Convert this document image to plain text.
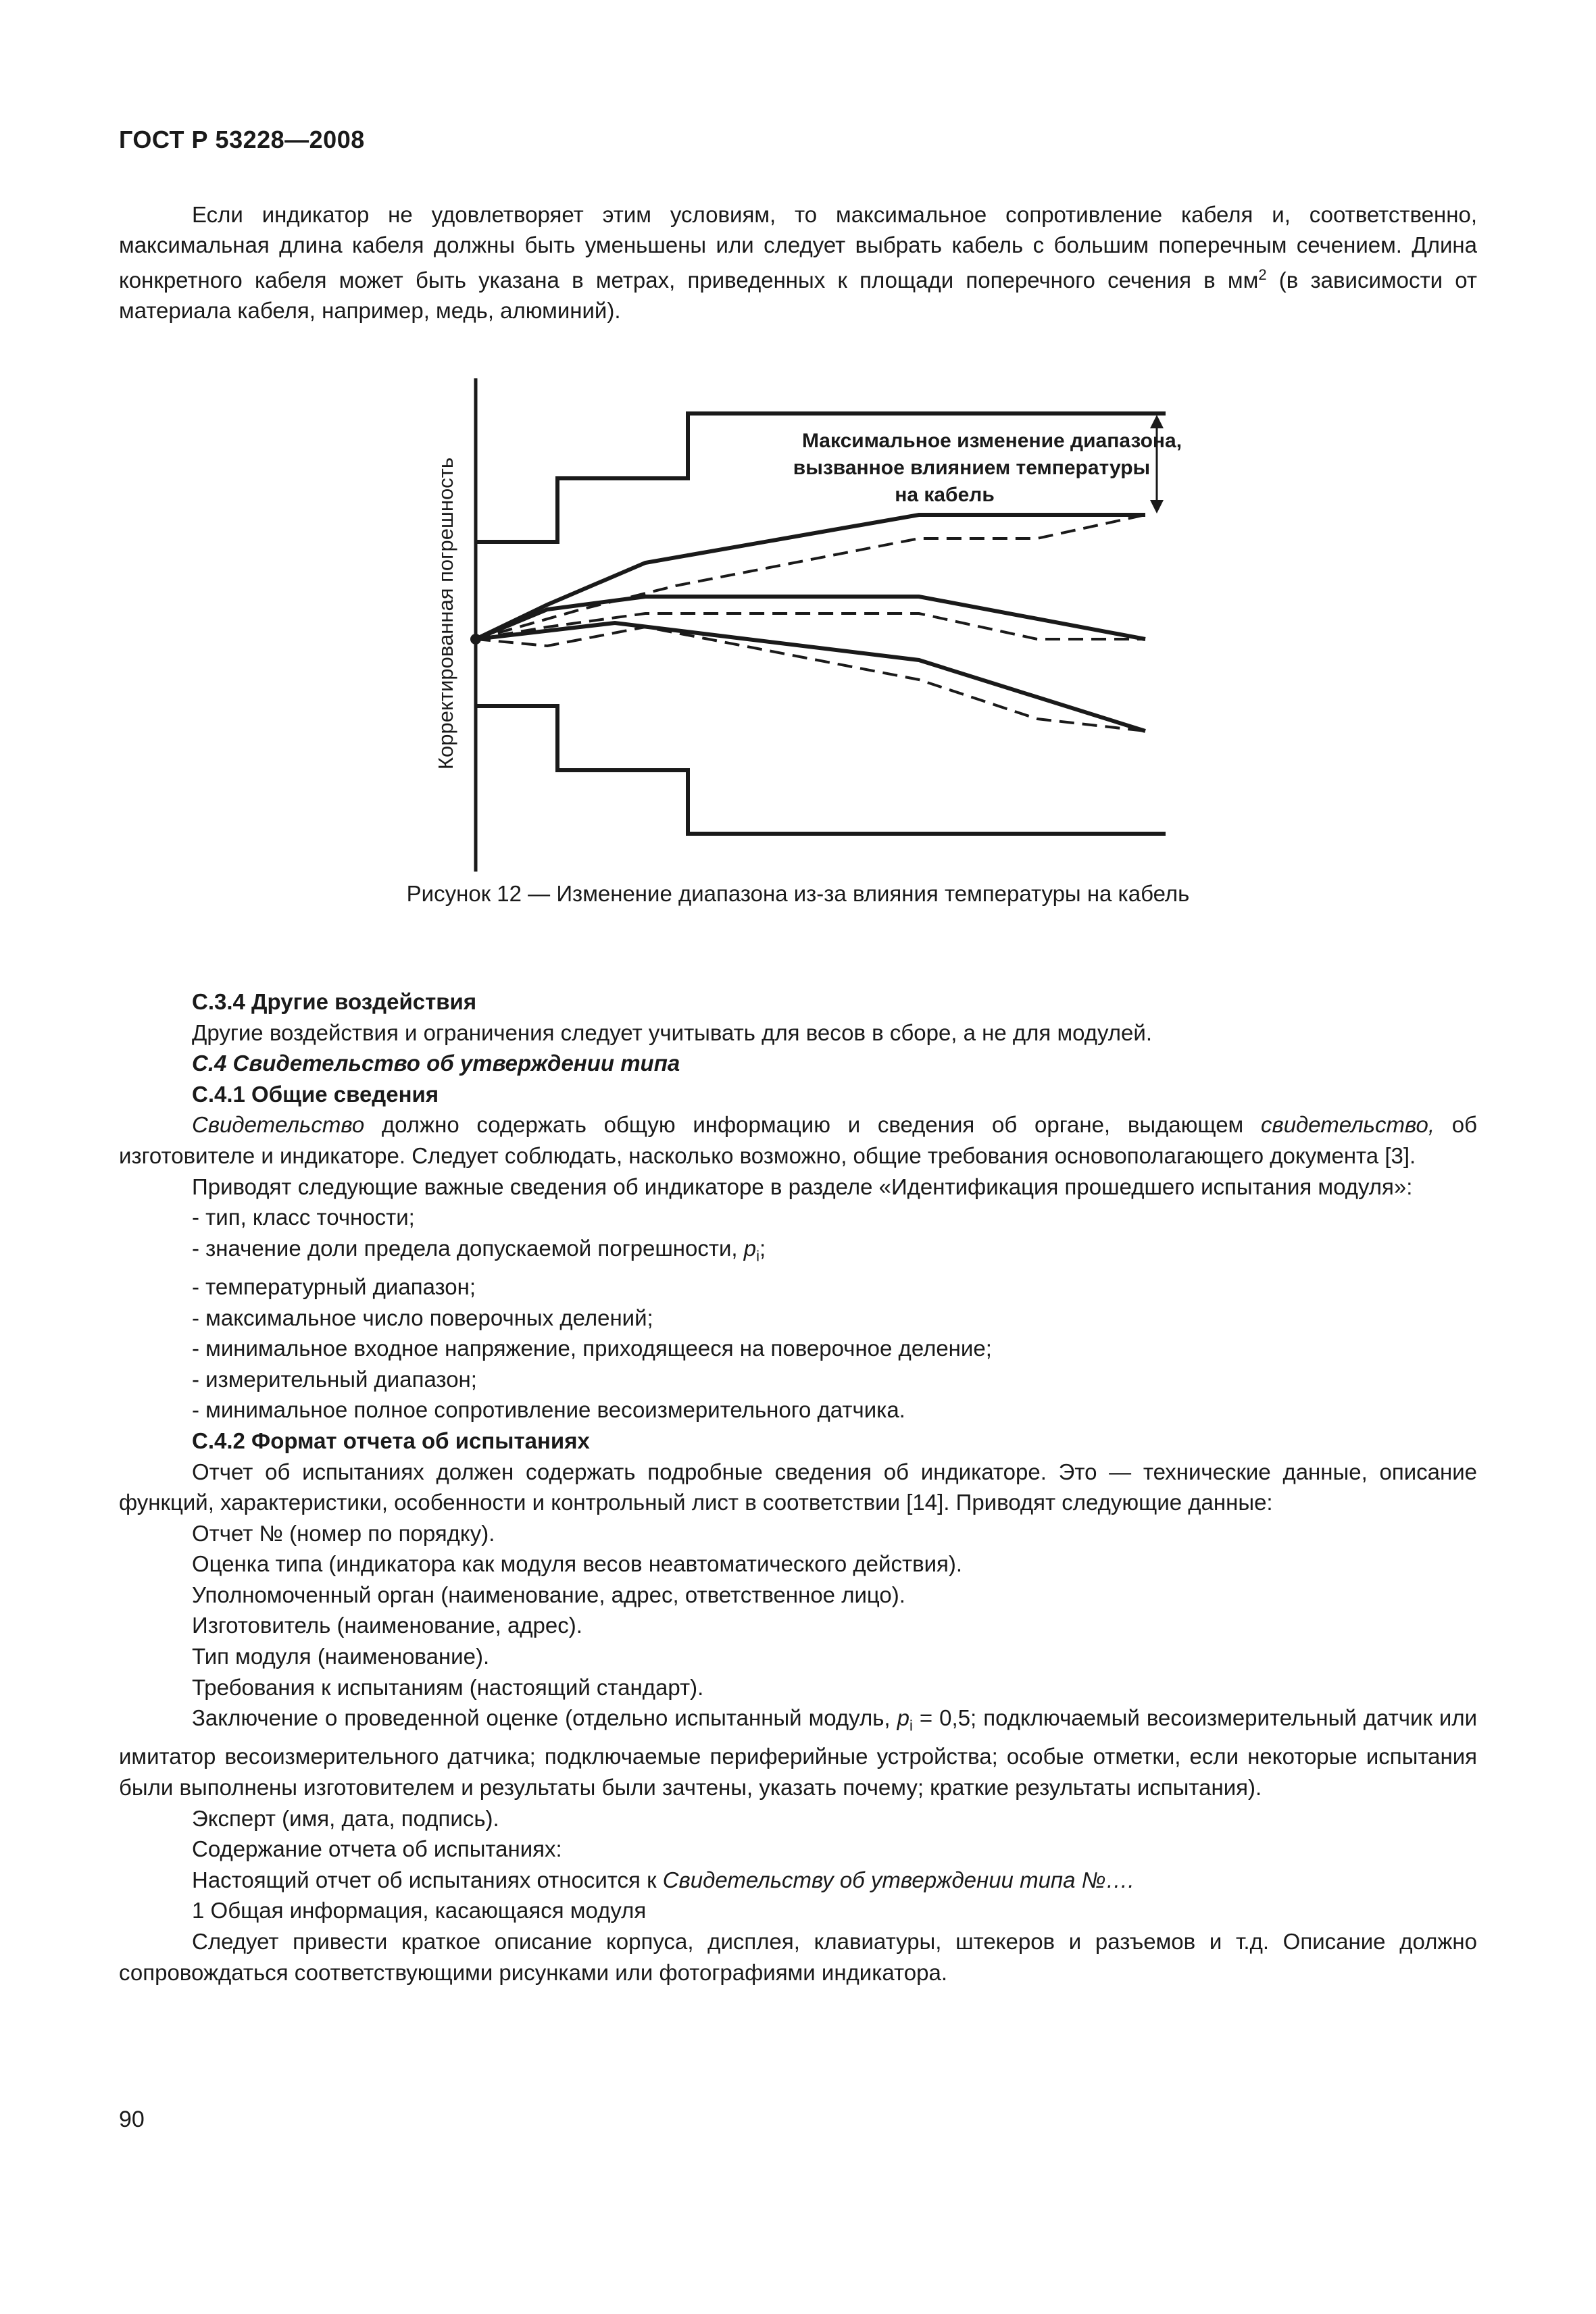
ГОСТ Р 53228—2008
Если индикатор не удовлетворяет этим условиям, то максимальное сопротивление кабеля и, соответственно, максимальная длина кабеля должны быть уменьшены или следует выбрать кабель с большим поперечным сечением. Длина конкретного кабеля может быть указана в метрах, приведенных к площади поперечного сечения в $мм^2$ (в зависимости от материала кабеля, например, медь, алюминий).
Максимальное изменение диапазона,
вызванное влиянием температуры
на кабель
Корректированная погрешность
Рисунок 12 — Изменение диапазона из-за влияния температуры на кабель

С.3.4 Другие воздействия

Другие воздействия и ограничения следует учитывать для весов в сборе, а не для модулей.

С.4 Свидетельство об утверждении типа

С.4.1 Общие сведения

Свидетельство должно содержать общую информацию и сведения об органе, выдающем свидетельство, об изготовителе и индикаторе. Следует соблюдать, насколько возможно, общие требования основополагающего документа [3].

Приводят следующие важные сведения об индикаторе в разделе «Идентификация прошедшего испытания модуля»:

- тип, класс точности;

- значение доли предела допускаемой погрешности, $p_i$;

- температурный диапазон;

- максимальное число поверочных делений;

- минимальное входное напряжение, приходящееся на поверочное деление;

- измерительный диапазон;

- минимальное полное сопротивление весоизмерительного датчика.

С.4.2 Формат отчета об испытаниях

Отчет об испытаниях должен содержать подробные сведения об индикаторе. Это — технические данные, описание функций, характеристики, особенности и контрольный лист в соответствии [14]. Приводят следующие данные:

Отчет № (номер по порядку).

Оценка типа (индикатора как модуля весов неавтоматического действия).

Уполномоченный орган (наименование, адрес, ответственное лицо).

Изготовитель (наименование, адрес).

Тип модуля (наименование).

Требования к испытаниям (настоящий стандарт).

Заключение о проведенной оценке (отдельно испытанный модуль, $p_i = 0,5$; подключаемый весоизмерительный датчик или имитатор весоизмерительного датчика; подключаемые периферийные устройства; особые отметки, если некоторые испытания были выполнены изготовителем и результаты были зачтены, указать почему; краткие результаты испытания).

Эксперт (имя, дата, подпись).

Содержание отчета об испытаниях:

Настоящий отчет об испытаниях относится к Свидетельству об утверждении типа №….

1 Общая информация, касающаяся модуля

Следует привести краткое описание корпуса, дисплея, клавиатуры, штекеров и разъемов и т.д. Описание должно сопровождаться соответствующими рисунками или фотографиями индикатора.

90
